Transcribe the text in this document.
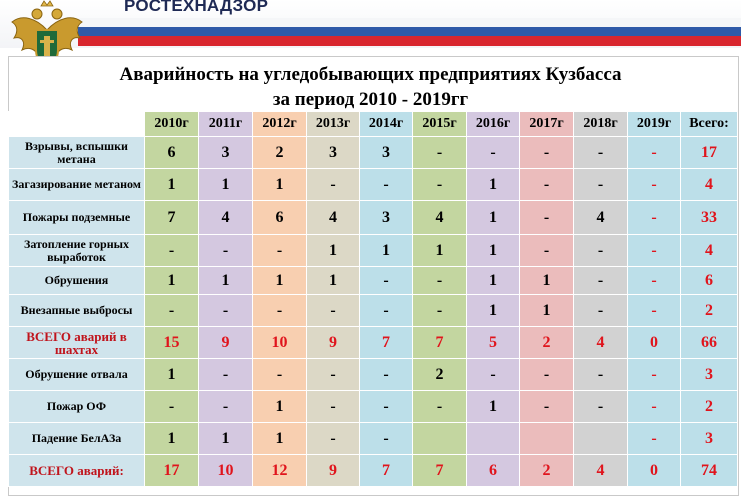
РОСТЕХНАДЗОР
Аварийность на угледобывающих предприятиях Кузбасса
за период 2010 - 2019гг
	2010г	2011г	2012г	2013г	2014г	2015г	2016г	2017г	2018г	2019г	Всего:
Взрывы, вспышки метана	6	3	2	3	3	-	-	-	-	-	17
Загазирование метаном	1	1	1	-	-	-	1	-	-	-	4
Пожары подземные	7	4	6	4	3	4	1	-	4	-	33
Затопление горных выработок	-	-	-	1	1	1	1	-	-	-	4
Обрушения	1	1	1	1	-	-	1	1	-	-	6
Внезапные выбросы	-	-	-	-	-	-	1	1	-	-	2
ВСЕГО аварий в шахтах	15	9	10	9	7	7	5	2	4	0	66
Обрушение отвала	1	-	-	-	-	2	-	-	-	-	3
Пожар ОФ	-	-	1	-	-	-	1	-	-	-	2
Падение БелАЗа	1	1	1	-	-					-	3
ВСЕГО аварий:	17	10	12	9	7	7	6	2	4	0	74
